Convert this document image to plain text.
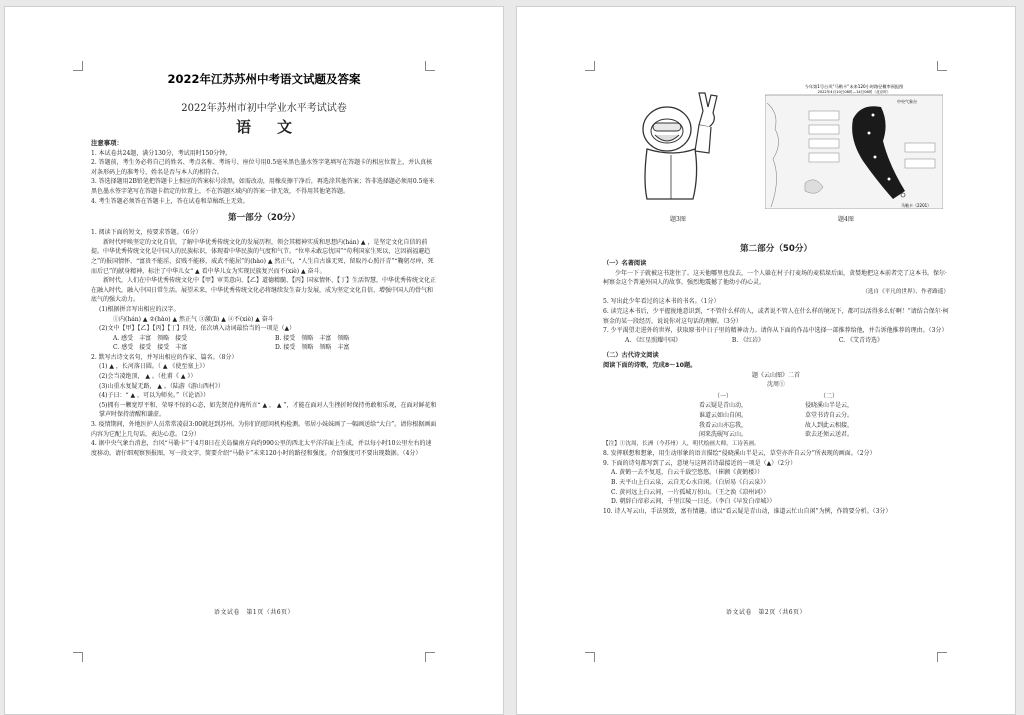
2022年江苏苏州中考语文试题及答案
2022年苏州市初中学业水平考试试卷
语文
注意事项：
1. 本试卷共24题，满分130分，考试用时150分钟。
2. 答题前，考生务必将自己的姓名、考点名称、考场号、座位号用0.5毫米黑色墨水签字笔填写在答题卡的相应位置上，并认真核对条形码上的准考号、姓名是否与本人的相符合。
3. 答选择题用2B铅笔把答题卡上相应的答案标号涂黑，如需改动，用橡皮擦干净后，再选涂其他答案；答非选择题必须用0.5毫米黑色墨水签字笔写在答题卡指定的位置上，不在答题区域内的答案一律无效，不得用其他笔答题。
4. 考生答题必须答在答题卡上，答在试卷和草稿纸上无效。
第一部分（20分）
1. 阅读下面的短文，按要求答题。（6分）
新时代呼唤坚定的文化自信，了解中华优秀传统文化的发展历程，领会其精神实质和思想内(hán) ▲ ，是坚定文化自信的前提。中华优秀传统文化是中国人的民族标识，体现着中华民族的气度和气节。“位卑未敢忘忧国”“苟利国家生死以，岂因祸福避趋之”的报国情怀，“富贵不能淫，贫贱不能移，威武不能屈”的(hào) ▲ 然正气，“人生自古谁无死，留取丹心照汗青”“鞠躬尽瘁，死而后已”的献身精神，标注了中华儿女“ ▲ 看中华儿女为实现民族复兴而不(xiè) ▲ 奋斗。
新时代，人们在中华优秀传统文化中【甲】审美意向、【乙】道德精髓、【丙】国家情怀、【丁】生活智慧，中华优秀传统文化正在融入时代，融入中国日常生活。展望未来，中华优秀传统文化必将继续发生奋力发展，成为坚定文化自信、增强中国人的骨气和底气的强大动力。
(1)根据拼音写出相应的汉字。
①内(hán) ▲ ②(hào) ▲ 然正气 ③激(lì) ▲ ④不(xiè) ▲ 奋斗
(2)文中【甲】【乙】【丙】【丁】四处，依次填入动词最恰当的一项是（▲）
A. 感受　丰富　领略　接受	B. 接受　领略　丰富　领略
C. 感受　接受　接受　丰富	D. 接受　领略　领略　丰富
2. 默写古诗文名句，并写出相应的作家、篇名。（8分）
(1) ▲ ，长河落日圆。（ ▲ 《使至塞上》）
(2)会当凌绝顶， ▲ 。（杜甫《 ▲ 》）
(3)山重水复疑无路， ▲ 。（陆游《游山西村》）
(4)子曰：“ ▲ ，可以为师矣。”（《论语》）
(5)拥有一颗宽厚平和、荣辱不惊的心态，如先贤范仲淹所言“ ▲ ， ▲ ”，才能在面对人生挫折时保持勇敢和乐观，在面对鲜花和掌声时保持清醒和谦虚。
3. 疫情期间，外地医护人员常常凌晨3:00就赶到苏州。为你们的慰问机构检测。邻居小妹妹画了一幅画送给“大白”。请你根据画面内容为它配上几句话，表达心意。（2分）
4. 据中央气象台消息，台风“马勒卡”于4月8日在关岛偏南方向约990公里的西北太平洋洋面上生成，并以每小时10公里左右的速度移动。请仔细观察预报图，写一段文字，简要介绍“马勒卡”未来120小时的路径和强度。介绍强度可不要出现数据。（4分）
语文试卷　第1页（共6页）
今年第1号台风“马勒卡”未来120小时路径概率预报图
2022年4月10日08时—14日08时（北京时）
中央气象台
马勒卡（2201）
题3图	题4图
第二部分（50分）
（一）名著阅读
少年一下子就被这书迷住了。这天他哪里也没去，一个人躲在村子打麦场的麦秸垛后面，贪婪地把这本前者完了这本书。保尔·柯察金这个普通外国人的故事，强烈地震撼了他幼小的心灵。
（选自《平凡的世界》，作者路遥）
5. 写出此少年看过的这本书的书名。（1分）
6. 读完这本书后，少平握拢地意识到，“不管什么样的人，或者说不管人在什么样的境况下，都可以活得多么好啊！”请结合保尔·柯察金的某一段经历，说说你对这句话的理解。（3分）
7. 少平渴望走进外的世界，获取原书中日子里的精神动力。请你从下面的作品中选择一部推荐给他，并告诉他推荐的理由。（3分）
A. 《红星照耀中国》	B. 《红岩》	C. 《艾青诗选》
（二）古代诗文阅读
阅读下面的诗歌，完成8～10题。
题《云山图》二首
沈周①
（一）
看云疑是青山动，
谁道云如山自闲。
我看云山亦忘我，
闲来洗砚写云山。
（二）
侵晓溪山半是云，
草堂书诗自云分。
故人到此云相接，
欲去还须云送君。
【注】①沈周，长洲（今苏州）人，明代绘画大师，工诗善画。
8. 发挥联想和想象，用生动形象的语言描绘“侵晓溪山半是云，草堂亦许自云分”所表现的画面。（2分）
9. 下面的诗句都写到了云，意境与这两首诗最接近的一项是（▲）（2分）
A. 黄鹤一去不复返，白云千载空悠悠。（崔颢《黄鹤楼》）
B. 天平山上白云泉，云自无心水自闲。（白居易《白云泉》）
C. 黄河远上白云间，一片孤城万仞山。（王之涣《凉州词》）
D. 朝辞白帝彩云间，千里江陵一日还。（李白《早发白帝城》）
10. 诗人写云山，手法别致，富有情趣。请以“看云疑是青山动，谁道云忙山自闲”为例，作简要分析。（3分）
语文试卷　第2页（共6页）
